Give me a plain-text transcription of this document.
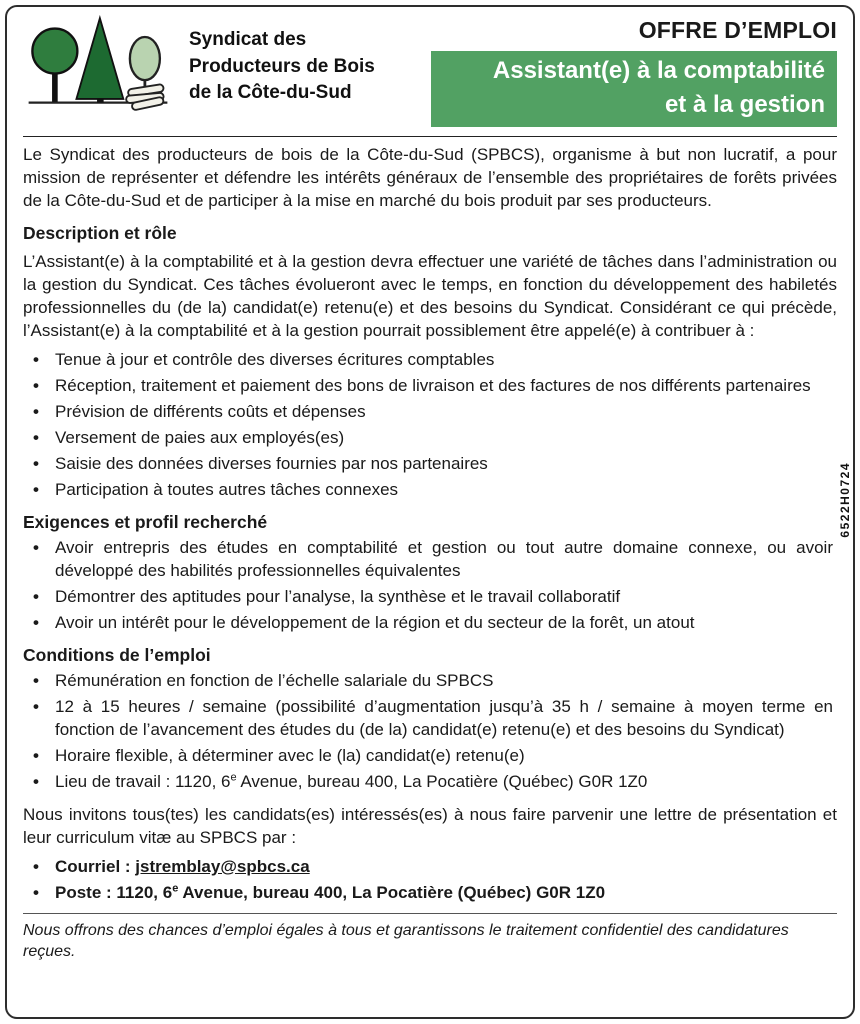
Syndicat des
Producteurs de Bois
de la Côte-du-Sud
OFFRE D’EMPLOI
Assistant(e) à la comptabilité
et à la gestion
Le Syndicat des producteurs de bois de la Côte-du-Sud (SPBCS), organisme à but non lucratif, a pour mission de représenter et défendre les intérêts généraux de l’ensemble des propriétaires de forêts privées de la Côte-du-Sud et de participer à la mise en marché du bois produit par ses producteurs.
Description et rôle
L’Assistant(e) à la comptabilité et à la gestion devra effectuer une variété de tâches dans l’administration ou la gestion du Syndicat. Ces tâches évolueront avec le temps, en fonction du développement des habiletés professionnelles du (de la) candidat(e) retenu(e) et des besoins du Syndicat. Considérant ce qui précède, l’Assistant(e) à la comptabilité et à la gestion pourrait possiblement être appelé(e) à contribuer à :
• Tenue à jour et contrôle des diverses écritures comptables
• Réception, traitement et paiement des bons de livraison et des factures de nos différents partenaires
• Prévision de différents coûts et dépenses
• Versement de paies aux employés(es)
• Saisie des données diverses fournies par nos partenaires
• Participation à toutes autres tâches connexes
Exigences et profil recherché
• Avoir entrepris des études en comptabilité et gestion ou tout autre domaine connexe, ou avoir développé des habilités professionnelles équivalentes
• Démontrer des aptitudes pour l’analyse, la synthèse et le travail collaboratif
• Avoir un intérêt pour le développement de la région et du secteur de la forêt, un atout
Conditions de l’emploi
• Rémunération en fonction de l’échelle salariale du SPBCS
• 12 à 15 heures / semaine (possibilité d’augmentation jusqu’à 35 h / semaine à moyen terme en fonction de l’avancement des études du (de la) candidat(e) retenu(e) et des besoins du Syndicat)
• Horaire flexible, à déterminer avec le (la) candidat(e) retenu(e)
• Lieu de travail : 1120, 6e Avenue, bureau 400, La Pocatière (Québec) G0R 1Z0
Nous invitons tous(tes) les candidats(es) intéressés(es) à nous faire parvenir une lettre de présentation et leur curriculum vitæ au SPBCS par :
• Courriel : jstremblay@spbcs.ca
• Poste : 1120, 6e Avenue, bureau 400, La Pocatière (Québec) G0R 1Z0
Nous offrons des chances d’emploi égales à tous et garantissons le traitement confidentiel des candidatures reçues.
6522H0724
